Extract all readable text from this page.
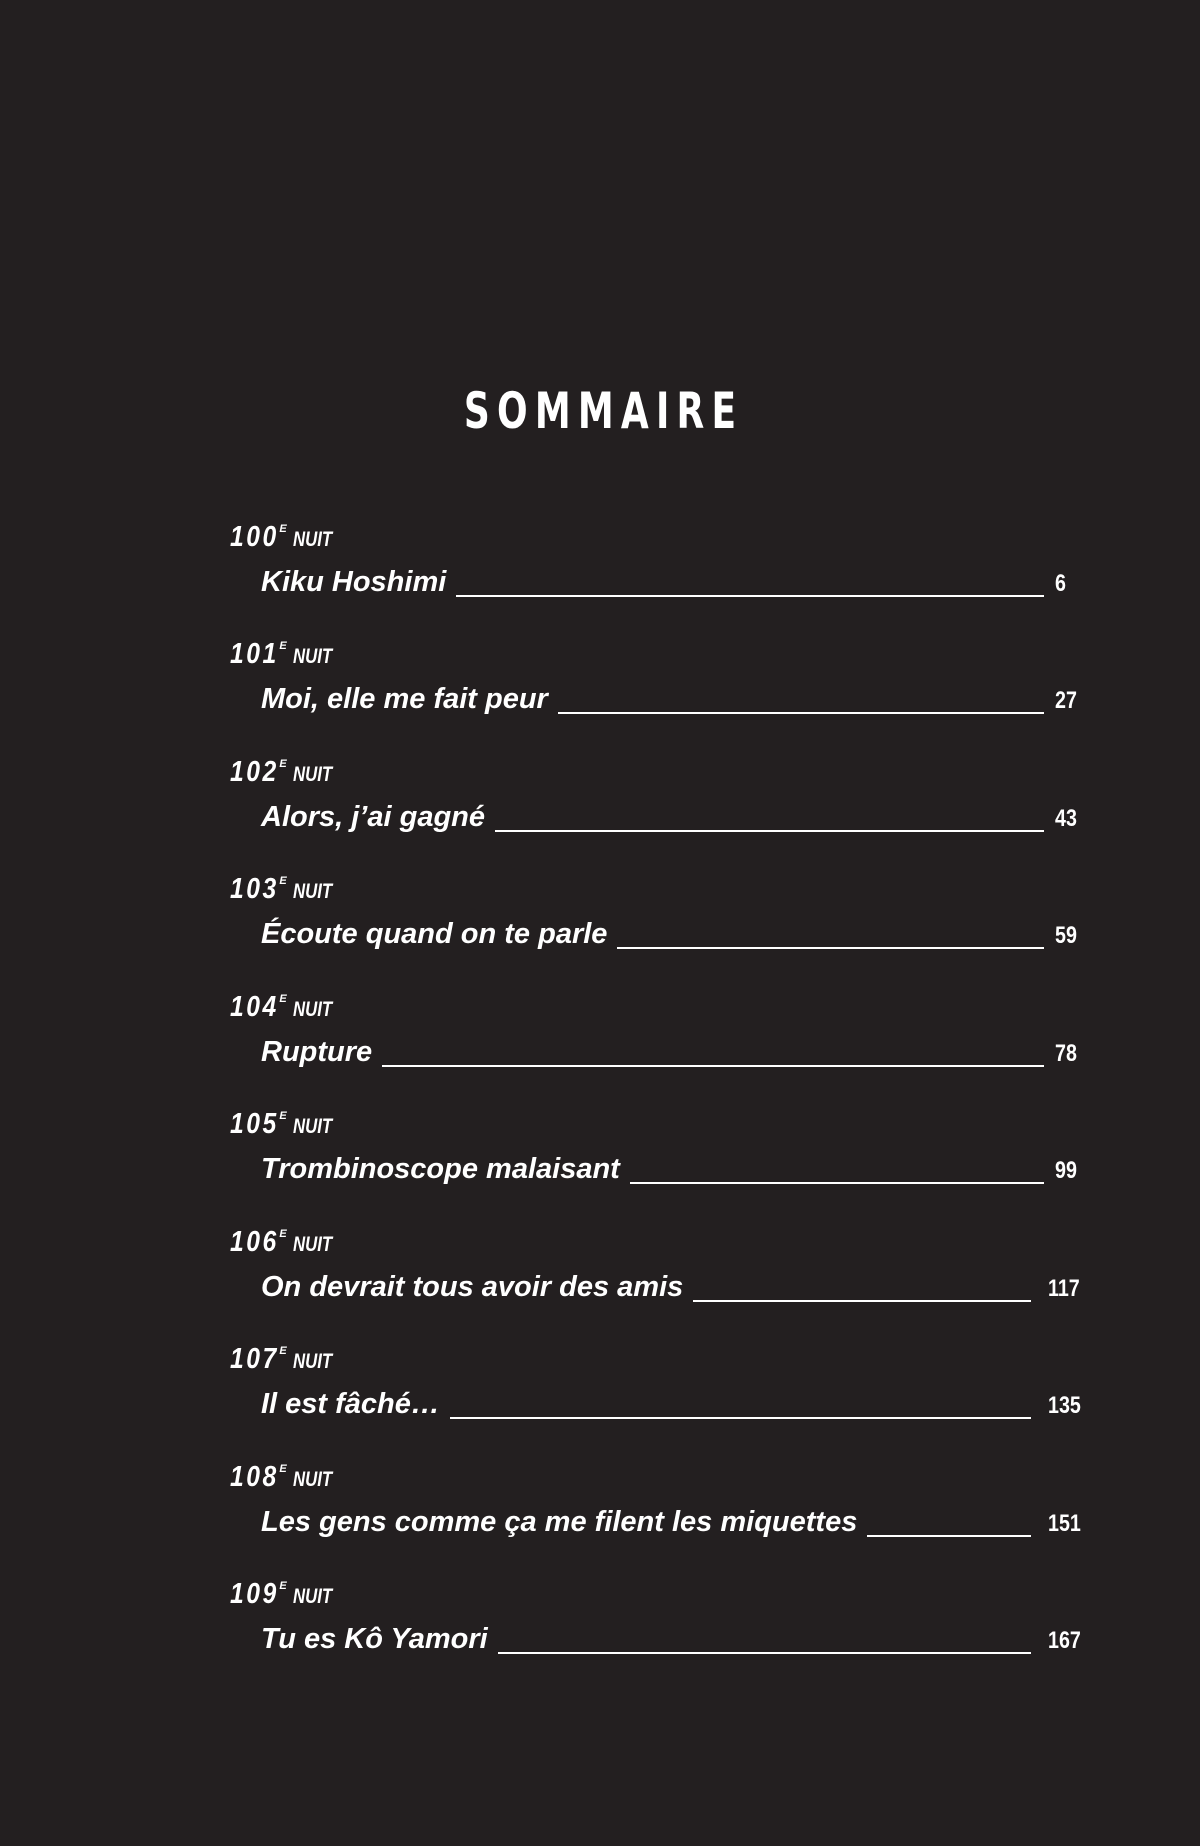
SOMMAIRE
$100^E$ NUIT
Kiku Hoshimi	6
$101^E$ NUIT
Moi, elle me fait peur	27
$102^E$ NUIT
Alors, j’ai gagné	43
$103^E$ NUIT
Écoute quand on te parle	59
$104^E$ NUIT
Rupture	78
$105^E$ NUIT
Trombinoscope malaisant	99
$106^E$ NUIT
On devrait tous avoir des amis	117
$107^E$ NUIT
Il est fâché…	135
$108^E$ NUIT
Les gens comme ça me filent les miquettes	151
$109^E$ NUIT
Tu es Kô Yamori	167
